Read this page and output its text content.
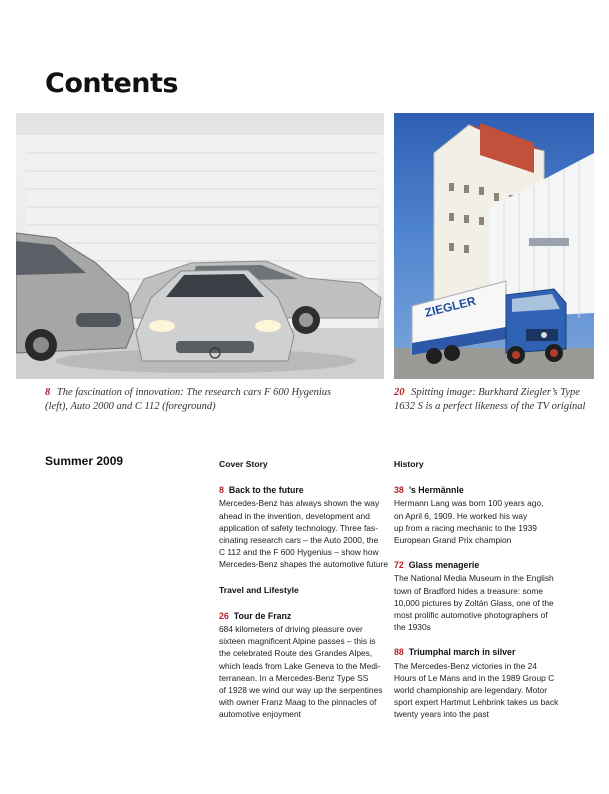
Contents
ZIEGLER
8 The fascination of innovation: The research cars F 600 Hygenius (left), Auto 2000 and C 112 (foreground)
20 Spitting image: Burkhard Ziegler’s Type 1632 S is a perfect likeness of the TV original
Summer 2009	Cover Story
8 Back to the future
Mercedes-Benz has always shown the way
ahead in the invention, development and
application of safety technology. Three fas-
cinating research cars – the Auto 2000, the
C 112 and the F 600 Hygenius – show how
Mercedes-Benz shapes the automotive future
Travel and Lifestyle
26 Tour de Franz
684 kilometers of driving pleasure over
sixteen magnificent Alpine passes – this is
the celebrated Route des Grandes Alpes,
which leads from Lake Geneva to the Medi-
terranean. In a Mercedes-Benz Type SS
of 1928 we wind our way up the serpentines
with owner Franz Maag to the pinnacles of
automotive enjoyment
History
38 ’s Hermännle
Hermann Lang was born 100 years ago,
on April 6, 1909. He worked his way
up from a racing mechanic to the 1939
European Grand Prix champion
72 Glass menagerie
The National Media Museum in the English
town of Bradford hides a treasure: some
10,000 pictures by Zoltán Glass, one of the
most prolific automotive photographers of
the 1930s
88 Triumphal march in silver
The Mercedes-Benz victories in the 24
Hours of Le Mans and in the 1989 Group C
world championship are legendary. Motor
sport expert Hartmut Lehbrink takes us back
twenty years into the past
